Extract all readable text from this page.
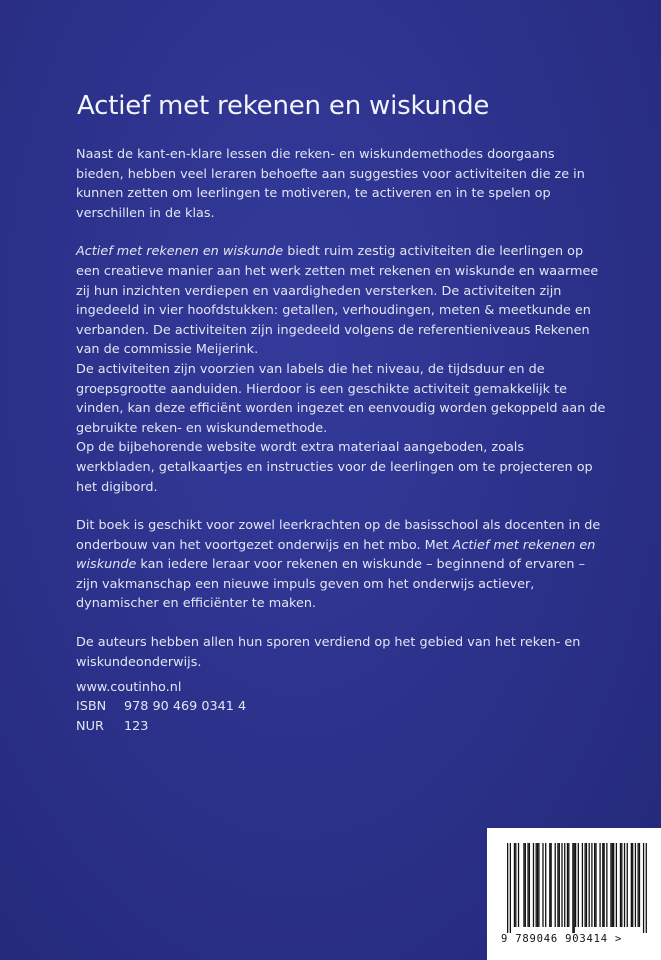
Actief met rekenen en wiskunde

Naast de kant-en-klare lessen die reken- en wiskundemethodes doorgaans bieden, hebben veel leraren behoefte aan suggesties voor activiteiten die ze in kunnen zetten om leerlingen te motiveren, te activeren en in te spelen op verschillen in de klas.

Actief met rekenen en wiskunde biedt ruim zestig activiteiten die leerlingen op een creatieve manier aan het werk zetten met rekenen en wiskunde en waarmee zij hun inzichten verdiepen en vaardigheden versterken. De activiteiten zijn ingedeeld in vier hoofdstukken: getallen, verhoudingen, meten & meetkunde en verbanden. De activiteiten zijn ingedeeld volgens de referentieniveaus Rekenen van de commissie Meijerink.

De activiteiten zijn voorzien van labels die het niveau, de tijdsduur en de groepsgrootte aanduiden. Hierdoor is een geschikte activiteit gemakkelijk te vinden, kan deze efficiënt worden ingezet en eenvoudig worden gekoppeld aan de gebruikte reken- en wiskundemethode.

Op de bijbehorende website wordt extra materiaal aangeboden, zoals werkbladen, getalkaartjes en instructies voor de leerlingen om te projecteren op het digibord.

Dit boek is geschikt voor zowel leerkrachten op de basisschool als docenten in de onderbouw van het voortgezet onderwijs en het mbo. Met Actief met rekenen en wiskunde kan iedere leraar voor rekenen en wiskunde – beginnend of ervaren – zijn vakmanschap een nieuwe impuls geven om het onderwijs actiever, dynamischer en efficiënter te maken.

De auteurs hebben allen hun sporen verdiend op het gebied van het reken- en wiskundeonderwijs.

www.coutinho.nl
ISBN	978 90 469 0341 4
NUR	123
9 789046 903414 >
